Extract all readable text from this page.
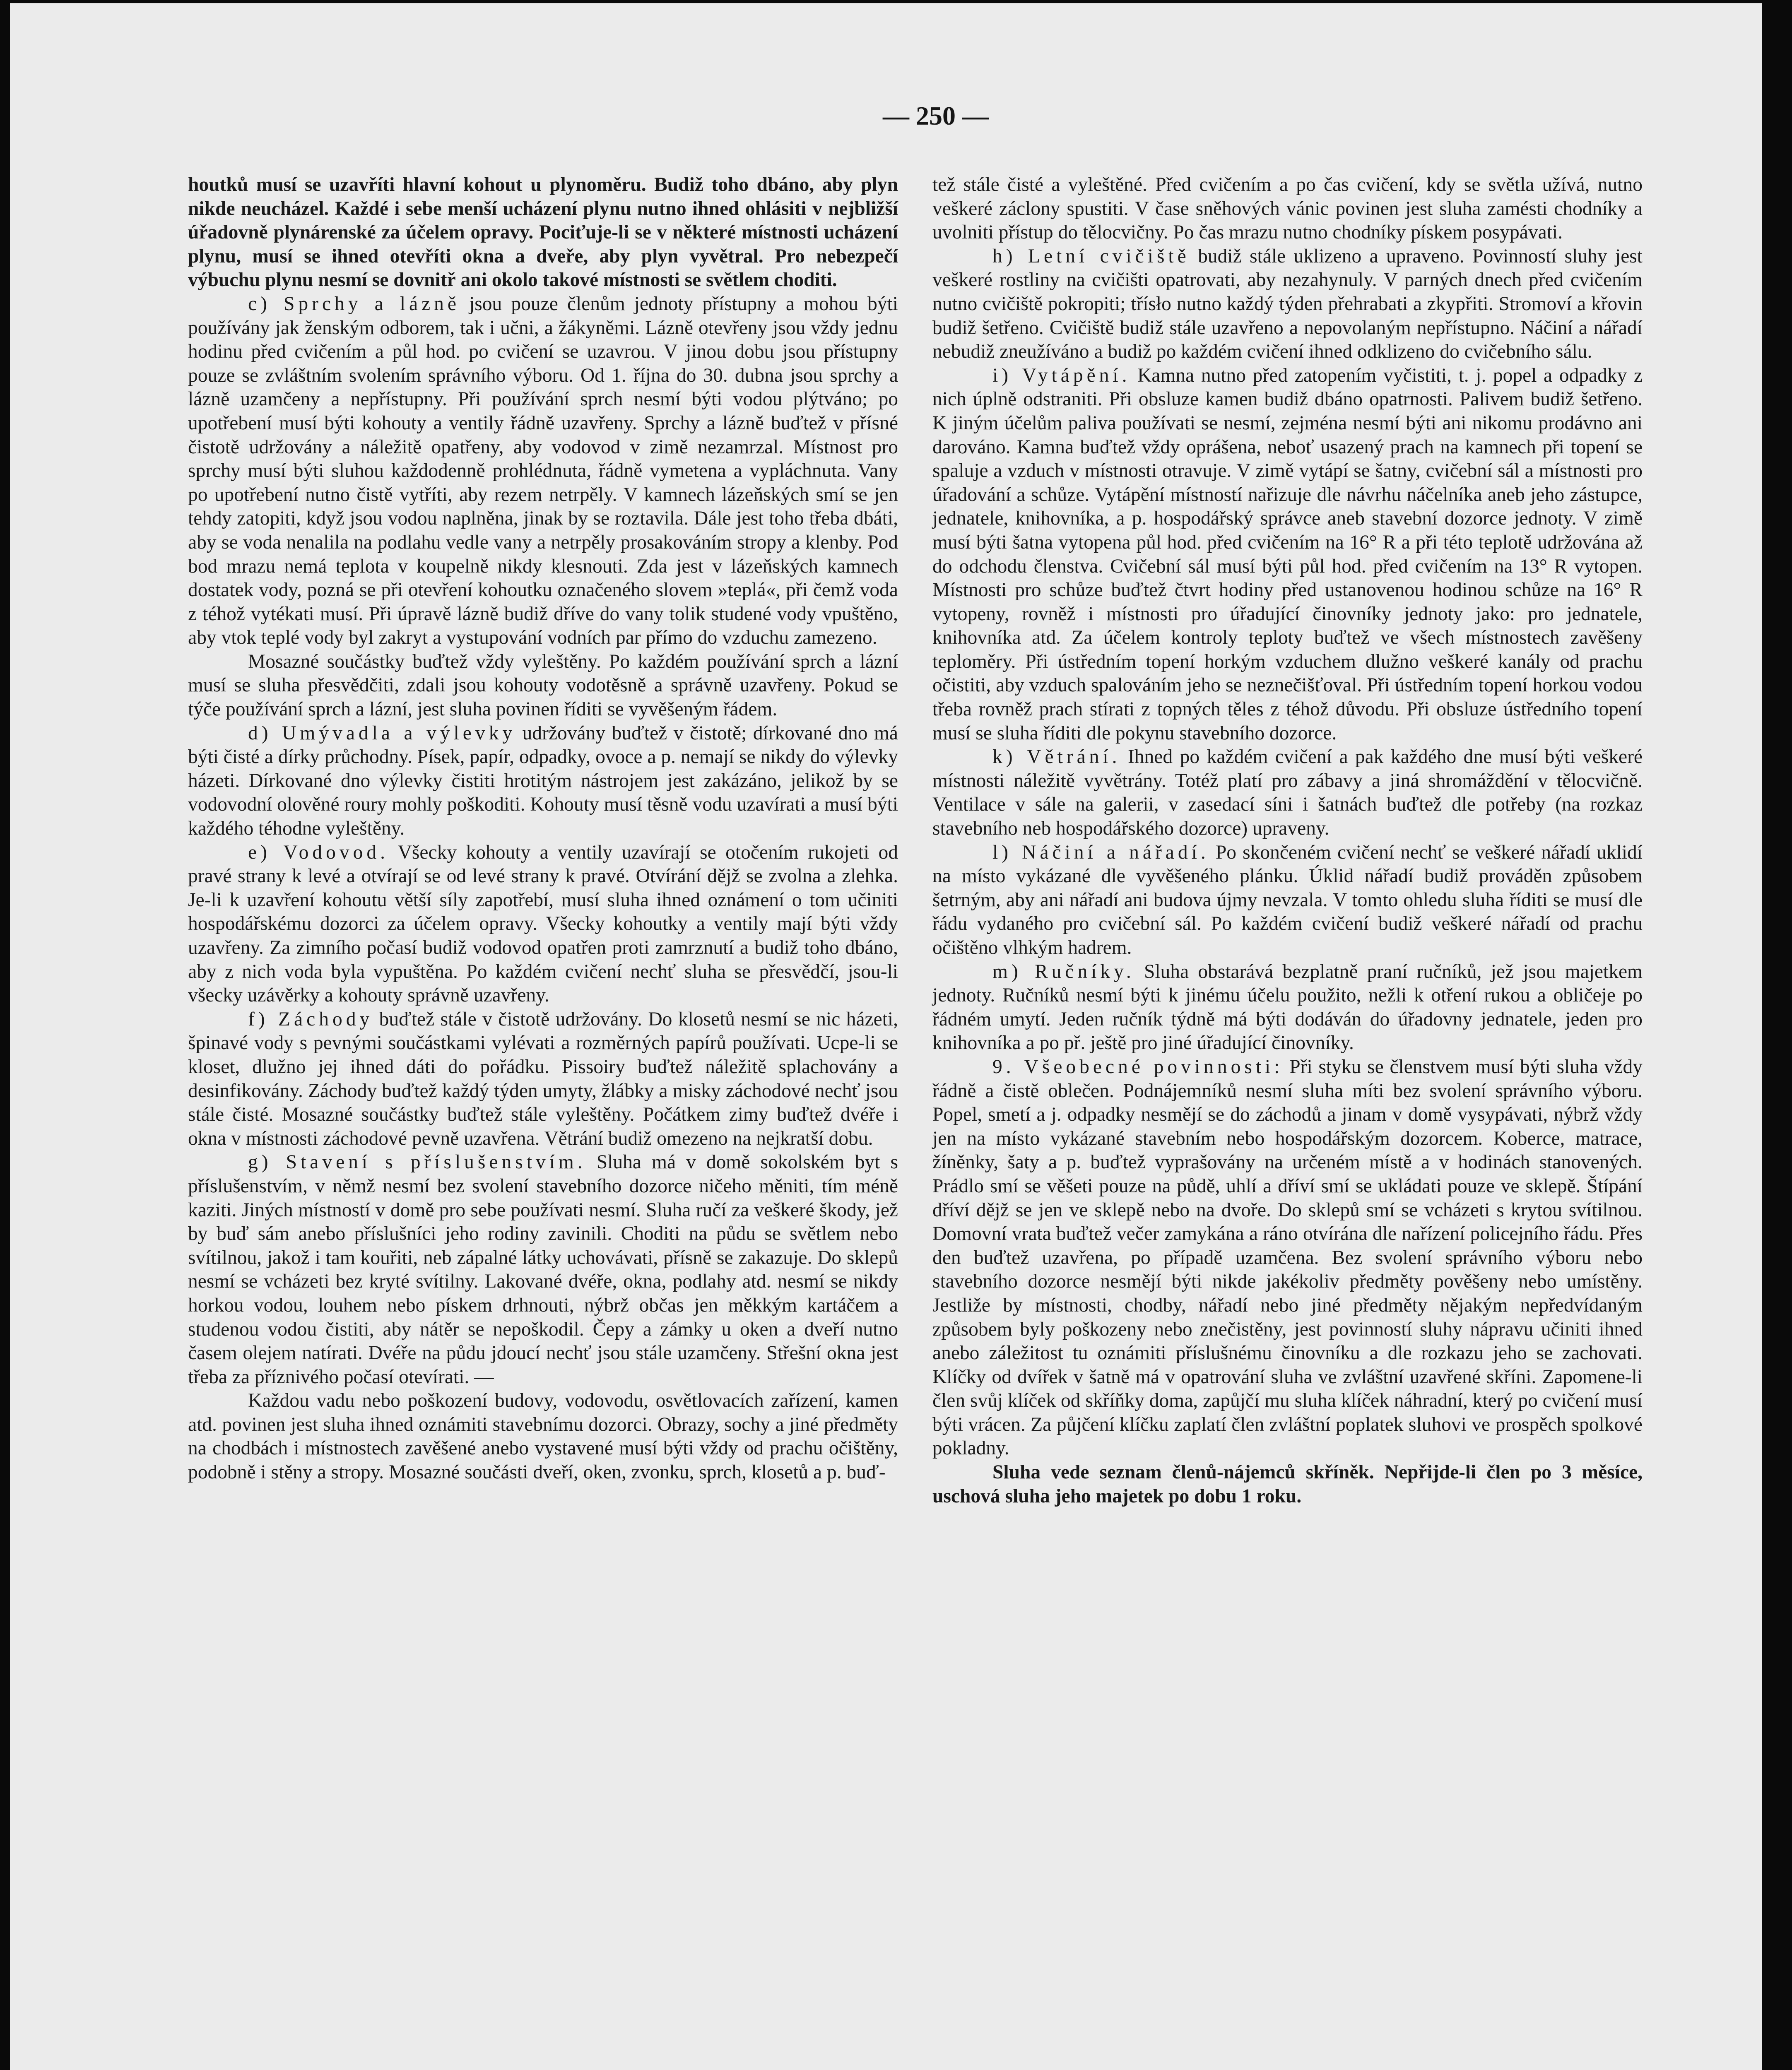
— 250 —

houtků musí se uzavříti hlavní kohout u plynoměru. Budiž toho dbáno, aby plyn nikde neucházel. Každé i sebe menší ucházení plynu nutno ihned ohlásiti v nejbližší úřadovně plynárenské za účelem opravy. Pociťuje-li se v některé místnosti ucházení plynu, musí se ihned otevříti okna a dveře, aby plyn vyvětral. Pro nebezpečí výbuchu plynu nesmí se dovnitř ani okolo takové místnosti se světlem choditi.

c) Sprchy a lázně jsou pouze členům jednoty přístupny a mohou býti používány jak ženským odborem, tak i učni, a žákyněmi. Lázně otevřeny jsou vždy jednu hodinu před cvičením a půl hod. po cvičení se uzavrou. V jinou dobu jsou přístupny pouze se zvláštním svolením správního výboru. Od 1. října do 30. dubna jsou sprchy a lázně uzamčeny a nepřístupny. Při používání sprch nesmí býti vodou plýtváno; po upotřebení musí býti kohouty a ventily řádně uzavřeny. Sprchy a lázně buďtež v přísné čistotě udržovány a náležitě opatřeny, aby vodovod v zimě nezamrzal. Místnost pro sprchy musí býti sluhou každodenně prohlédnuta, řádně vymetena a vypláchnuta. Vany po upotřebení nutno čistě vytříti, aby rezem netrpěly. V kamnech lázeňských smí se jen tehdy zatopiti, když jsou vodou naplněna, jinak by se roztavila. Dále jest toho třeba dbáti, aby se voda nenalila na podlahu vedle vany a netrpěly prosakováním stropy a klenby. Pod bod mrazu nemá teplota v koupelně nikdy klesnouti. Zda jest v lázeňských kamnech dostatek vody, pozná se při otevření kohoutku označeného slovem »teplá«, při čemž voda z téhož vytékati musí. Při úpravě lázně budiž dříve do vany tolik studené vody vpuštěno, aby vtok teplé vody byl zakryt a vystupování vodních par přímo do vzduchu zamezeno.

Mosazné součástky buďtež vždy vyleštěny. Po každém používání sprch a lázní musí se sluha přesvědčiti, zdali jsou kohouty vodotěsně a správně uzavřeny. Pokud se týče používání sprch a lázní, jest sluha povinen říditi se vyvěšeným řádem.

d) Umývadla a výlevky udržovány buďtež v čistotě; dírkované dno má býti čisté a dírky průchodny. Písek, papír, odpadky, ovoce a p. nemají se nikdy do výlevky házeti. Dírkované dno výlevky čistiti hrotitým nástrojem jest zakázáno, jelikož by se vodovodní olověné roury mohly poškoditi. Kohouty musí těsně vodu uzavírati a musí býti každého téhodne vyleštěny.

e) Vodovod. Všecky kohouty a ventily uzavírají se otočením rukojeti od pravé strany k levé a otvírají se od levé strany k pravé. Otvírání dějž se zvolna a zlehka. Je-li k uzavření kohoutu větší síly zapotřebí, musí sluha ihned oznámení o tom učiniti hospodářskému dozorci za účelem opravy. Všecky kohoutky a ventily mají býti vždy uzavřeny. Za zimního počasí budiž vodovod opatřen proti zamrznutí a budiž toho dbáno, aby z nich voda byla vypuštěna. Po každém cvičení nechť sluha se přesvědčí, jsou-li všecky uzávěrky a kohouty správně uzavřeny.

f) Záchody buďtež stále v čistotě udržovány. Do klosetů nesmí se nic házeti, špinavé vody s pevnými součástkami vylévati a rozměrných papírů používati. Ucpe-li se kloset, dlužno jej ihned dáti do pořádku. Pissoiry buďtež náležitě splachovány a desinfikovány. Záchody buďtež každý týden umyty, žlábky a misky záchodové nechť jsou stále čisté. Mosazné součástky buďtež stále vyleštěny. Počátkem zimy buďtež dvéře i okna v místnosti záchodové pevně uzavřena. Větrání budiž omezeno na nejkratší dobu.

g) Stavení s příslušenstvím. Sluha má v domě sokolském byt s příslušenstvím, v němž nesmí bez svolení stavebního dozorce ničeho měniti, tím méně kaziti. Jiných místností v domě pro sebe používati nesmí. Sluha ručí za veškeré škody, jež by buď sám anebo příslušníci jeho rodiny zavinili. Choditi na půdu se světlem nebo svítilnou, jakož i tam kouřiti, neb zápalné látky uchovávati, přísně se zakazuje. Do sklepů nesmí se vcházeti bez kryté svítilny. Lakované dvéře, okna, podlahy atd. nesmí se nikdy horkou vodou, louhem nebo pískem drhnouti, nýbrž občas jen měkkým kartáčem a studenou vodou čistiti, aby nátěr se nepoškodil. Čepy a zámky u oken a dveří nutno časem olejem natírati. Dvéře na půdu jdoucí nechť jsou stále uzamčeny. Střešní okna jest třeba za příznivého počasí otevírati. —

Každou vadu nebo poškození budovy, vodovodu, osvětlovacích zařízení, kamen atd. povinen jest sluha ihned oznámiti stavebnímu dozorci. Obrazy, sochy a jiné předměty na chodbách i místnostech zavěšené anebo vystavené musí býti vždy od prachu očištěny, podobně i stěny a stropy. Mosazné součásti dveří, oken, zvonku, sprch, klosetů a p. buď-

tež stále čisté a vyleštěné. Před cvičením a po čas cvičení, kdy se světla užívá, nutno veškeré záclony spustiti. V čase sněhových vánic povinen jest sluha zamésti chodníky a uvolniti přístup do tělocvičny. Po čas mrazu nutno chodníky pískem posypávati.

h) Letní cvičiště budiž stále uklizeno a upraveno. Povinností sluhy jest veškeré rostliny na cvičišti opatrovati, aby nezahynuly. V parných dnech před cvičením nutno cvičiště pokropiti; třísło nutno každý týden přehrabati a zkypřiti. Stromoví a křovin budiž šetřeno. Cvičiště budiž stále uzavřeno a nepovolaným nepřístupno. Náčiní a nářadí nebudiž zneužíváno a budiž po každém cvičení ihned odklizeno do cvičebního sálu.

i) Vytápění. Kamna nutno před zatopením vyčistiti, t. j. popel a odpadky z nich úplně odstraniti. Při obsluze kamen budiž dbáno opatrnosti. Palivem budiž šetřeno. K jiným účelům paliva používati se nesmí, zejména nesmí býti ani nikomu prodávno ani darováno. Kamna buďtež vždy oprášena, neboť usazený prach na kamnech při topení se spaluje a vzduch v místnosti otravuje. V zimě vytápí se šatny, cvičební sál a místnosti pro úřadování a schůze. Vytápění místností nařizuje dle návrhu náčelníka aneb jeho zástupce, jednatele, knihovníka, a p. hospodářský správce aneb stavební dozorce jednoty. V zimě musí býti šatna vytopena půl hod. před cvičením na 16° R a při této teplotě udržována až do odchodu členstva. Cvičební sál musí býti půl hod. před cvičením na 13° R vytopen. Místnosti pro schůze buďtež čtvrt hodiny před ustanovenou hodinou schůze na 16° R vytopeny, rovněž i místnosti pro úřadující činovníky jednoty jako: pro jednatele, knihovníka atd. Za účelem kontroly teploty buďtež ve všech místnostech zavěšeny teploměry. Při ústředním topení horkým vzduchem dlužno veškeré kanály od prachu očistiti, aby vzduch spalováním jeho se neznečišťoval. Při ústředním topení horkou vodou třeba rovněž prach stírati z topných těles z téhož důvodu. Při obsluze ústředního topení musí se sluha říditi dle pokynu stavebního dozorce.

k) Větrání. Ihned po každém cvičení a pak každého dne musí býti veškeré místnosti náležitě vyvětrány. Totéž platí pro zábavy a jiná shromáždění v tělocvičně. Ventilace v sále na galerii, v zasedací síni i šatnách buďtež dle potřeby (na rozkaz stavebního neb hospodářského dozorce) upraveny.

l) Náčiní a nářadí. Po skončeném cvičení nechť se veškeré nářadí uklidí na místo vykázané dle vyvěšeného plánku. Úklid nářadí budiž prováděn způsobem šetrným, aby ani nářadí ani budova újmy nevzala. V tomto ohledu sluha říditi se musí dle řádu vydaného pro cvičební sál. Po každém cvičení budiž veškeré nářadí od prachu očištěno vlhkým hadrem.

m) Ručníky. Sluha obstarává bezplatně praní ručníků, jež jsou majetkem jednoty. Ručníků nesmí býti k jinému účelu použito, nežli k otření rukou a obličeje po řádném umytí. Jeden ručník týdně má býti dodáván do úřadovny jednatele, jeden pro knihovníka a po př. ještě pro jiné úřadující činovníky.

9. Všeobecné povinnosti: Při styku se členstvem musí býti sluha vždy řádně a čistě oblečen. Podnájemníků nesmí sluha míti bez svolení správního výboru. Popel, smetí a j. odpadky nesmějí se do záchodů a jinam v domě vysypávati, nýbrž vždy jen na místo vykázané stavebním nebo hospodářským dozorcem. Koberce, matrace, žíněnky, šaty a p. buďtež vyprašovány na určeném místě a v hodinách stanovených. Prádlo smí se věšeti pouze na půdě, uhlí a dříví smí se ukládati pouze ve sklepě. Štípání dříví dějž se jen ve sklepě nebo na dvoře. Do sklepů smí se vcházeti s krytou svítilnou. Domovní vrata buďtež večer zamykána a ráno otvírána dle nařízení policejního řádu. Přes den buďtež uzavřena, po případě uzamčena. Bez svolení správního výboru nebo stavebního dozorce nesmějí býti nikde jakékoliv předměty pověšeny nebo umístěny. Jestliže by místnosti, chodby, nářadí nebo jiné předměty nějakým nepředvídaným způsobem byly poškozeny nebo znečistěny, jest povinností sluhy nápravu učiniti ihned anebo záležitost tu oznámiti příslušnému činovníku a dle rozkazu jeho se zachovati. Klíčky od dvířek v šatně má v opatrování sluha ve zvláštní uzavřené skříni. Zapomene-li člen svůj klíček od skříňky doma, zapůjčí mu sluha klíček náhradní, který po cvičení musí býti vrácen. Za půjčení klíčku zaplatí člen zvláštní poplatek sluhovi ve prospěch spolkové pokladny.

Sluha vede seznam členů-nájemců skříněk. Nepřijde-li člen po 3 měsíce, uschová sluha jeho majetek po dobu 1 roku.
